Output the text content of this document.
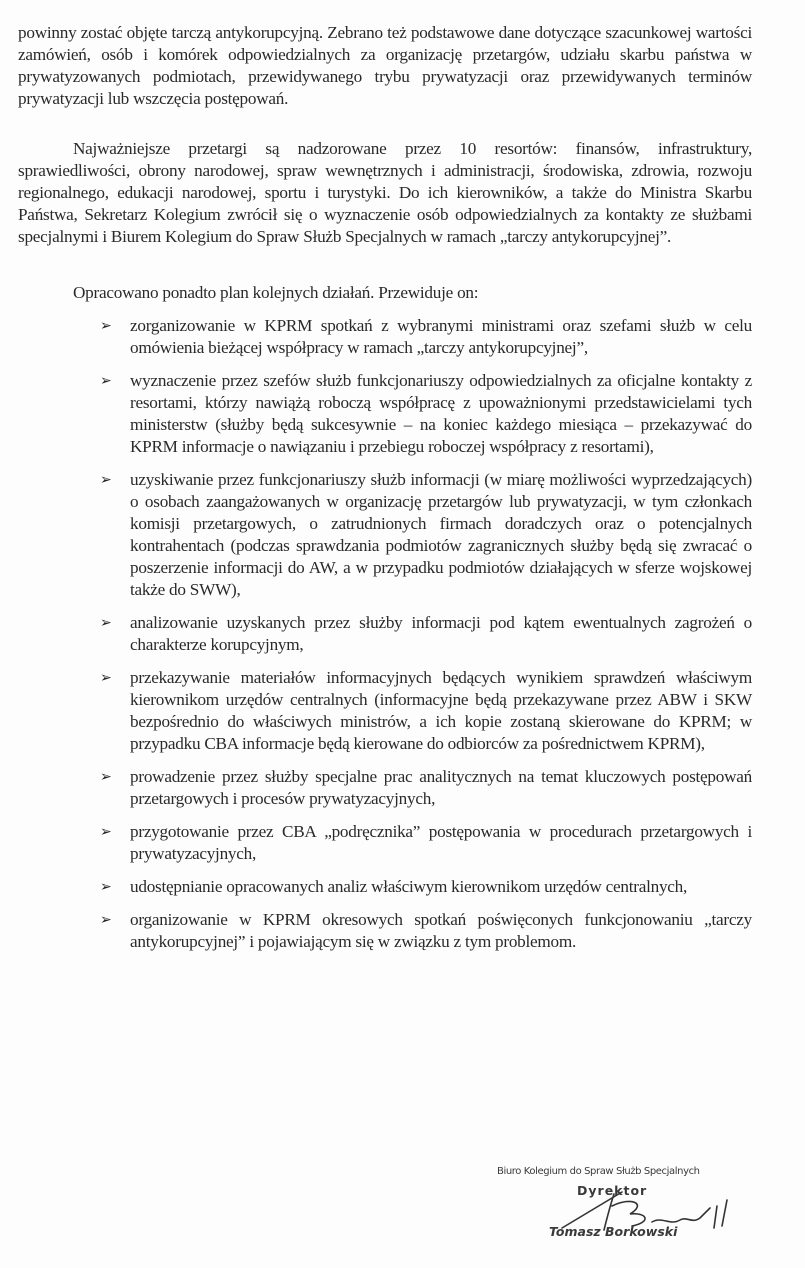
powinny zostać objęte tarczą antykorupcyjną. Zebrano też podstawowe dane dotyczące szacunkowej wartości zamówień, osób i komórek odpowiedzialnych za organizację przetargów, udziału skarbu państwa w prywatyzowanych podmiotach, przewidywanego trybu prywatyzacji oraz przewidywanych terminów prywatyzacji lub wszczęcia postępowań.

Najważniejsze przetargi są nadzorowane przez 10 resortów: finansów, infrastruktury, sprawiedliwości, obrony narodowej, spraw wewnętrznych i administracji, środowiska, zdrowia, rozwoju regionalnego, edukacji narodowej, sportu i turystyki. Do ich kierowników, a także do Ministra Skarbu Państwa, Sekretarz Kolegium zwrócił się o wyznaczenie osób odpowiedzialnych za kontakty ze służbami specjalnymi i Biurem Kolegium do Spraw Służb Specjalnych w ramach „tarczy antykorupcyjnej”.

Opracowano ponadto plan kolejnych działań. Przewiduje on:

➢	zorganizowanie w KPRM spotkań z wybranymi ministrami oraz szefami służb w celu omówienia bieżącej współpracy w ramach „tarczy antykorupcyjnej”,
➢	wyznaczenie przez szefów służb funkcjonariuszy odpowiedzialnych za oficjalne kontakty z resortami, którzy nawiążą roboczą współpracę z upoważnionymi przedstawicielami tych ministerstw (służby będą sukcesywnie – na koniec każdego miesiąca – przekazywać do KPRM informacje o nawiązaniu i przebiegu roboczej współpracy z resortami),
➢	uzyskiwanie przez funkcjonariuszy służb informacji (w miarę możliwości wyprzedzających) o osobach zaangażowanych w organizację przetargów lub prywatyzacji, w tym członkach komisji przetargowych, o zatrudnionych firmach doradczych oraz o potencjalnych kontrahentach (podczas sprawdzania podmiotów zagranicznych służby będą się zwracać o poszerzenie informacji do AW, a w przypadku podmiotów działających w sferze wojskowej także do SWW),
➢	analizowanie uzyskanych przez służby informacji pod kątem ewentualnych zagrożeń o charakterze korupcyjnym,
➢	przekazywanie materiałów informacyjnych będących wynikiem sprawdzeń właściwym kierownikom urzędów centralnych (informacyjne będą przekazywane przez ABW i SKW bezpośrednio do właściwych ministrów, a ich kopie zostaną skierowane do KPRM; w przypadku CBA informacje będą kierowane do odbiorców za pośrednictwem KPRM),
➢	prowadzenie przez służby specjalne prac analitycznych na temat kluczowych postępowań przetargowych i procesów prywatyzacyjnych,
➢	przygotowanie przez CBA „podręcznika” postępowania w procedurach przetargowych i prywatyzacyjnych,
➢	udostępnianie opracowanych analiz właściwym kierownikom urzędów centralnych,
➢	organizowanie w KPRM okresowych spotkań poświęconych funkcjonowaniu „tarczy antykorupcyjnej” i pojawiającym się w związku z tym problemom.
Biuro Kolegium do Spraw Służb Specjalnych
Dyrektor
Tomasz Borkowski
